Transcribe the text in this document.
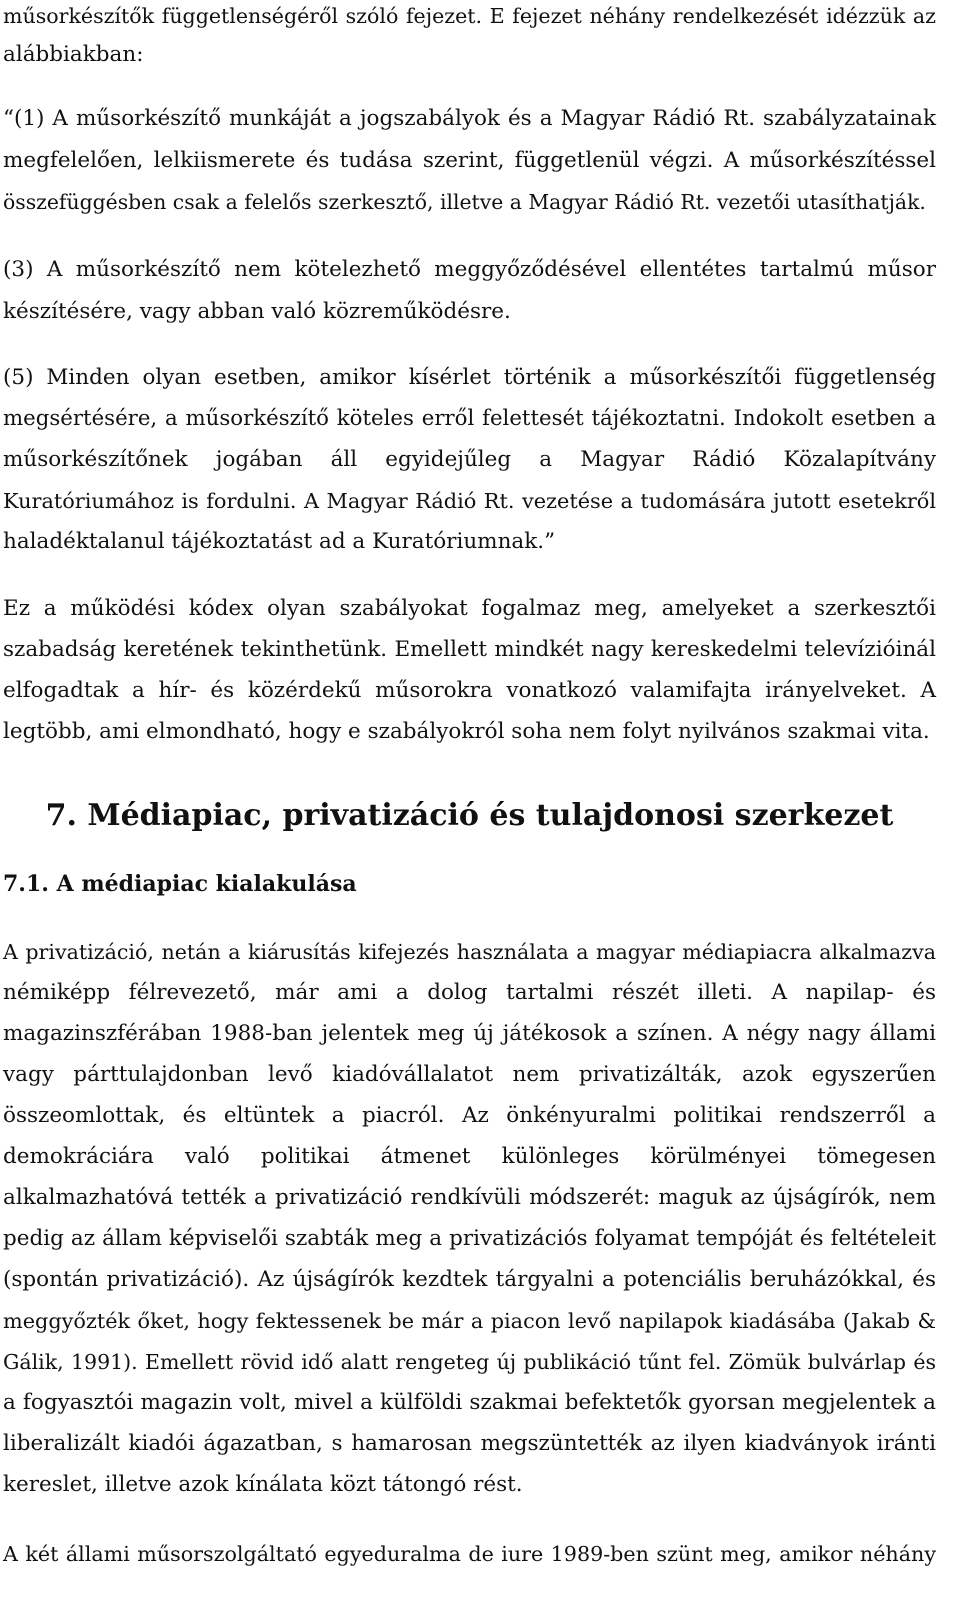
műsorkészítők függetlenségéről szóló fejezet. E fejezet néhány rendelkezését idézzük az
alábbiakban:
“(1) A műsorkészítő munkáját a jogszabályok és a Magyar Rádió Rt. szabályzatainak
megfelelően, lelkiismerete és tudása szerint, függetlenül végzi. A műsorkészítéssel
összefüggésben csak a felelős szerkesztő, illetve a Magyar Rádió Rt. vezetői utasíthatják.
(3) A műsorkészítő nem kötelezhető meggyőződésével ellentétes tartalmú műsor
készítésére, vagy abban való közreműködésre.
(5) Minden olyan esetben, amikor kísérlet történik a műsorkészítői függetlenség
megsértésére, a műsorkészítő köteles erről felettesét tájékoztatni. Indokolt esetben a
műsorkészítőnek jogában áll egyidejűleg a Magyar Rádió Közalapítvány
Kuratóriumához is fordulni. A Magyar Rádió Rt. vezetése a tudomására jutott esetekről
haladéktalanul tájékoztatást ad a Kuratóriumnak.”
Ez a működési kódex olyan szabályokat fogalmaz meg, amelyeket a szerkesztői
szabadság keretének tekinthetünk. Emellett mindkét nagy kereskedelmi televízióinál
elfogadtak a hír- és közérdekű műsorokra vonatkozó valamifajta irányelveket. A
legtöbb, ami elmondható, hogy e szabályokról soha nem folyt nyilvános szakmai vita.
7. Médiapiac, privatizáció és tulajdonosi szerkezet
7.1. A médiapiac kialakulása
A privatizáció, netán a kiárusítás kifejezés használata a magyar médiapiacra alkalmazva
némiképp félrevezető, már ami a dolog tartalmi részét illeti. A napilap- és
magazinszférában 1988-ban jelentek meg új játékosok a színen. A négy nagy állami
vagy párttulajdonban levő kiadóvállalatot nem privatizálták, azok egyszerűen
összeomlottak, és eltüntek a piacról. Az önkényuralmi politikai rendszerről a
demokráciára való politikai átmenet különleges körülményei tömegesen
alkalmazhatóvá tették a privatizáció rendkívüli módszerét: maguk az újságírók, nem
pedig az állam képviselői szabták meg a privatizációs folyamat tempóját és feltételeit
(spontán privatizáció). Az újságírók kezdtek tárgyalni a potenciális beruházókkal, és
meggyőzték őket, hogy fektessenek be már a piacon levő napilapok kiadásába (Jakab &
Gálik, 1991). Emellett rövid idő alatt rengeteg új publikáció tűnt fel. Zömük bulvárlap és
a fogyasztói magazin volt, mivel a külföldi szakmai befektetők gyorsan megjelentek a
liberalizált kiadói ágazatban, s hamarosan megszüntették az ilyen kiadványok iránti
kereslet, illetve azok kínálata közt tátongó rést.
A két állami műsorszolgáltató egyeduralma de iure 1989-ben szünt meg, amikor néhány
